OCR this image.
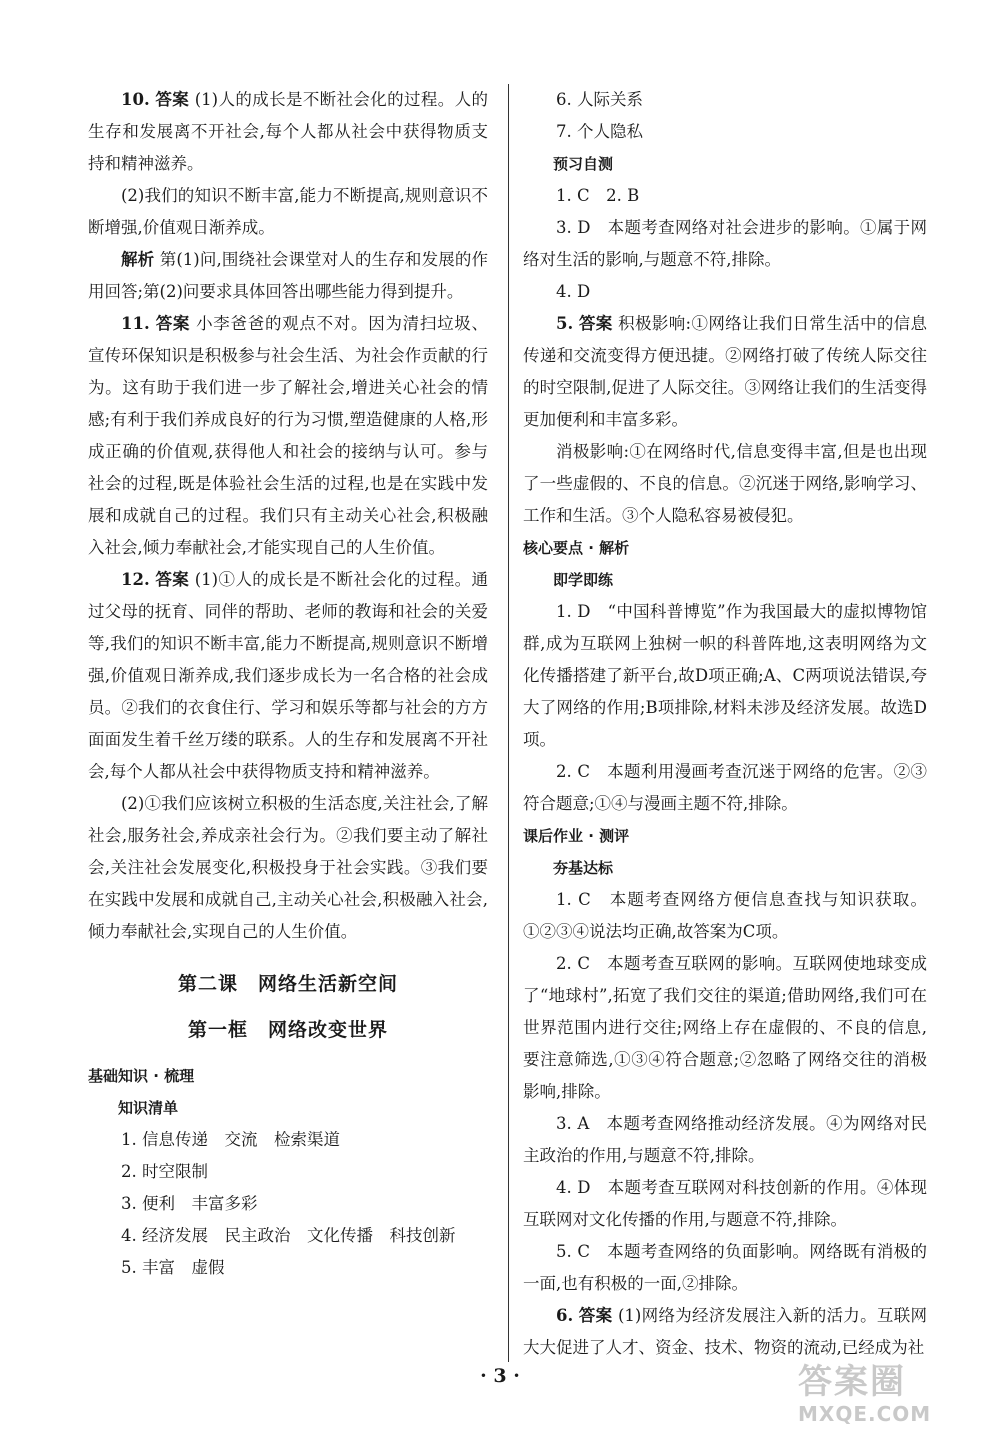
10. 答案 (1)人的成长是不断社会化的过程。人的生存和发展离不开社会,每个人都从社会中获得物质支持和精神滋养。

(2)我们的知识不断丰富,能力不断提高,规则意识不断增强,价值观日渐养成。

解析 第(1)问,围绕社会课堂对人的生存和发展的作用回答;第(2)问要求具体回答出哪些能力得到提升。

11. 答案 小李爸爸的观点不对。因为清扫垃圾、宣传环保知识是积极参与社会生活、为社会作贡献的行为。这有助于我们进一步了解社会,增进关心社会的情感;有利于我们养成良好的行为习惯,塑造健康的人格,形成正确的价值观,获得他人和社会的接纳与认可。参与社会的过程,既是体验社会生活的过程,也是在实践中发展和成就自己的过程。我们只有主动关心社会,积极融入社会,倾力奉献社会,才能实现自己的人生价值。

12. 答案 (1)①人的成长是不断社会化的过程。通过父母的抚育、同伴的帮助、老师的教诲和社会的关爱等,我们的知识不断丰富,能力不断提高,规则意识不断增强,价值观日渐养成,我们逐步成长为一名合格的社会成员。②我们的衣食住行、学习和娱乐等都与社会的方方面面发生着千丝万缕的联系。人的生存和发展离不开社会,每个人都从社会中获得物质支持和精神滋养。

(2)①我们应该树立积极的生活态度,关注社会,了解社会,服务社会,养成亲社会行为。②我们要主动了解社会,关注社会发展变化,积极投身于社会实践。③我们要在实践中发展和成就自己,主动关心社会,积极融入社会,倾力奉献社会,实现自己的人生价值。

第二课　网络生活新空间

第一框　网络改变世界

基础知识 · 梳理

知识清单

1. 信息传递　交流　检索渠道

2. 时空限制

3. 便利　丰富多彩

4. 经济发展　民主政治　文化传播　科技创新

5. 丰富　虚假

6. 人际关系

7. 个人隐私

预习自测

1. C　2. B

3. D　本题考查网络对社会进步的影响。①属于网络对生活的影响,与题意不符,排除。

4. D

5. 答案 积极影响:①网络让我们日常生活中的信息传递和交流变得方便迅捷。②网络打破了传统人际交往的时空限制,促进了人际交往。③网络让我们的生活变得更加便利和丰富多彩。

消极影响:①在网络时代,信息变得丰富,但是也出现了一些虚假的、不良的信息。②沉迷于网络,影响学习、工作和生活。③个人隐私容易被侵犯。

核心要点 · 解析

即学即练

1. D　“中国科普博览”作为我国最大的虚拟博物馆群,成为互联网上独树一帜的科普阵地,这表明网络为文化传播搭建了新平台,故D项正确;A、C两项说法错误,夸大了网络的作用;B项排除,材料未涉及经济发展。故选D项。

2. C　本题利用漫画考查沉迷于网络的危害。②③符合题意;①④与漫画主题不符,排除。

课后作业 · 测评

夯基达标

1. C　本题考查网络方便信息查找与知识获取。①②③④说法均正确,故答案为C项。

2. C　本题考查互联网的影响。互联网使地球变成了“地球村”,拓宽了我们交往的渠道;借助网络,我们可在世界范围内进行交往;网络上存在虚假的、不良的信息,要注意筛选,①③④符合题意;②忽略了网络交往的消极影响,排除。

3. A　本题考查网络推动经济发展。④为网络对民主政治的作用,与题意不符,排除。

4. D　本题考查互联网对科技创新的作用。④体现互联网对文化传播的作用,与题意不符,排除。

5. C　本题考查网络的负面影响。网络既有消极的一面,也有积极的一面,②排除。

6. 答案 (1)网络为经济发展注入新的活力。互联网大大促进了人才、资金、技术、物资的流动,已经成为社

· 3 ·	答案圈
MXQE.COM
